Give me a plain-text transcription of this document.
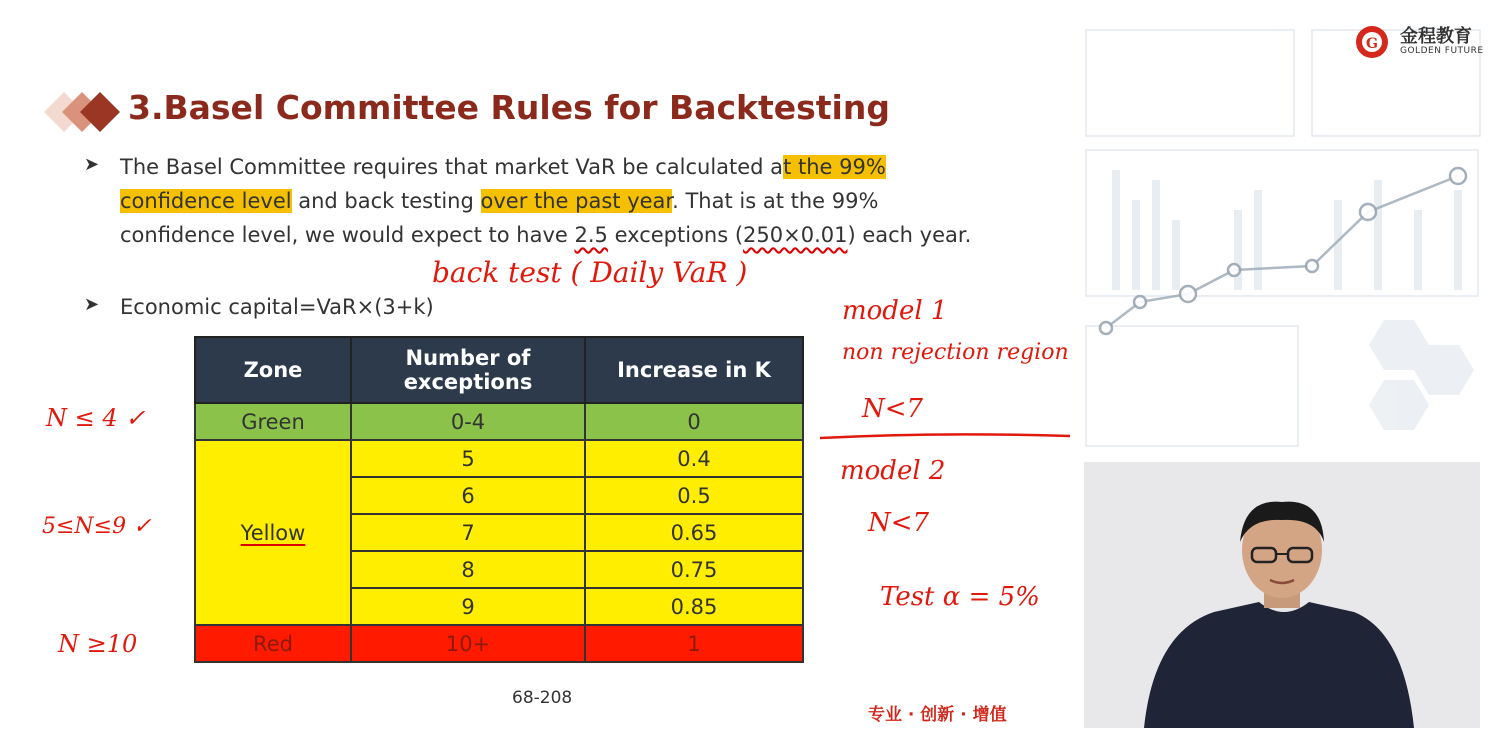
3.Basel Committee Rules for Backtesting
➤ The Basel Committee requires that market VaR be calculated at the 99% confidence level and back testing over the past year. That is at the 99% confidence level, we would expect to have 2.5 exceptions (250×0.01) each year.
➤ Economic capital=VaR×(3+k)
Zone	Number of exceptions	Increase in K
Green	0-4	0
Yellow	5	0.4
	6	0.5
	7	0.65
	8	0.75
	9	0.85
Red	10+	1
68-208
专业 · 创新 · 增值
back test ( Daily VaR )
N ≤ 4 ✓
5≤N≤9 ✓
N ≥10
model 1
non rejection region
N<7
model 2
N<7
Test α = 5%
G 金程教育
GOLDEN FUTURE
